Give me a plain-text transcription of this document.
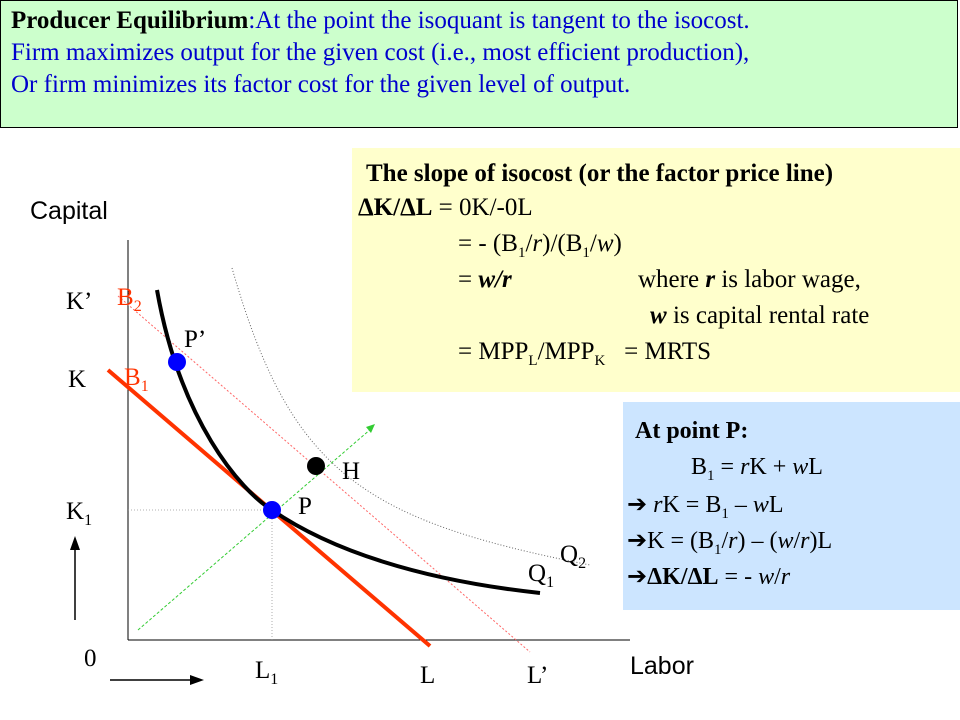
Producer Equilibrium:At the point the isoquant is tangent to the isocost.

Firm maximizes output for the given cost (i.e., most efficient production),

Or firm minimizes its factor cost for the given level of output.

Capital
Labor
0
K’
K
$K_1$
$B_2$
$B_1$
P’
P
H
$Q_1$
$Q_2$
$L_1$	L	L’
The slope of isocost (or the factor price line)
ΔK/ΔL = 0K/-0L
= - $(B_1/r)/(B_1/w)$
= w/r	where r is labor wage,
w is capital rental rate
= $MPP_L/MPP_K$   = MRTS
At point P:
$B_1$ = rK + wL
➔ rK = $B_1$ – wL
➔K = $(B_1/r) - (w/r)L$
➔ΔK/ΔL = - w/r
